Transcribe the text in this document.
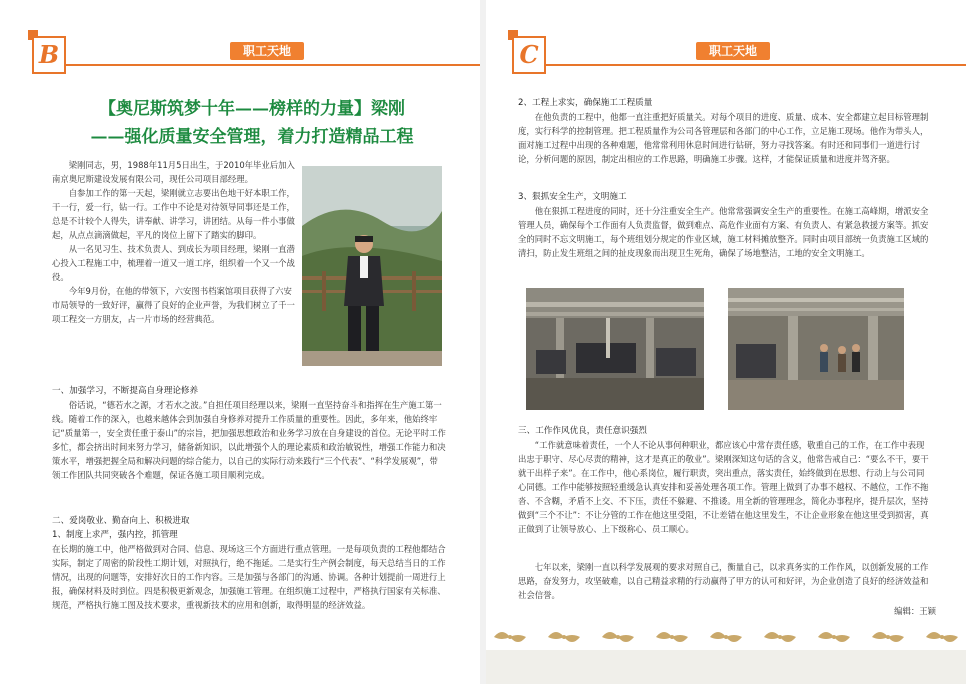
B	职工天地
【奥尼斯筑梦十年——榜样的力量】梁刚
——强化质量安全管理，着力打造精品工程

梁刚同志，男，1988年11月5日出生，于2010年毕业后加入南京奥尼斯建设发展有限公司，现任公司项目部经理。

自参加工作的第一天起，梁刚就立志要出色地干好本职工作，干一行，爱一行，钻一行。工作中不论是对待领导同事还是工作，总是不计较个人得失，讲奉献、讲学习，讲团结。从每一件小事做起，从点点滴滴做起，平凡的岗位上留下了踏实的脚印。

从一名见习生、技术负责人、到成长为项目经理，梁刚一直潜心投入工程施工中，梳理着一道又一道工序，组织着一个又一个战役。

今年9月份，在他的带领下，六安图书档案馆项目获得了六安市局领导的一致好评，赢得了良好的企业声誉，为我们树立了千一项工程交一方朋友，占一片市场的经营典范。

一、加强学习，不断提高自身理论修养

俗话说，“德若水之源，才若水之波。”自担任项目经理以来，梁刚一直坚持奋斗和指挥在生产施工第一线。随着工作的深入，也越来越体会到加强自身修养对提升工作质量的重要性。因此，多年来，他始终牢记“质量第一，安全责任重于泰山”的宗旨，把加强思想政治和业务学习放在自身建设的首位。无论平时工作多忙，都会挤出时间来努力学习，储备新知识，以此增强个人的理论素质和政治敏锐性，增强工作能力和决策水平，增强把握全局和解决问题的综合能力，以自己的实际行动来践行“三个代表”、“科学发展观”，带领工作团队共同突破各个难题，保证各施工项目顺利完成。

二、爱岗敬业、勤奋向上、积极进取

1、制度上求严，强内控，抓管理

在长期的施工中，他严格做到对合同、信息、现场这三个方面进行重点管理。一是每项负责的工程他都结合实际，制定了周密的阶段性工期计划，对照执行，绝不拖延。二是实行生产例会制度，每天总结当日的工作情况，出现的问题等，安排好次日的工作内容。三是加强与各部门的沟通、协调。各种计划提前一周进行上报，确保材料及时到位。四是积极更新观念，加强施工管理。在组织施工过程中，严格执行国家有关标准、规范，严格执行施工图及技术要求，重视新技术的应用和创新，取得明显的经济效益。

C	职工天地

2、工程上求实，确保施工工程质量

在他负责的工程中，他都一直注重把好质量关。对每个项目的进度、质量、成本、安全都建立起目标管理制度，实行科学的控制管理。把工程质量作为公司各管理层和各部门的中心工作，立足施工现场。他作为带头人，面对施工过程中出现的各种难题，他常常利用休息时间进行钻研，努力寻找答案。有时还和同事们一道进行讨论，分析问题的原因，制定出相应的工作思路，明确施工步骤。这样，才能保证质量和进度并驾齐驱。

3、狠抓安全生产，文明施工

他在狠抓工程进度的同时，还十分注重安全生产。他常常强调安全生产的重要性。在施工高峰期，增派安全管理人员，确保每个工作面有人负责监督，做到难点、高危作业面有方案、有负责人、有紧急救援方案等。抓安全的同时不忘文明施工，每个班组划分规定的作业区域，施工材料摊放整齐。同时由项目部统一负责施工区域的清扫，防止发生班组之间的扯皮现象而出现卫生死角，确保了场地整洁，工地的安全文明施工。

三、工作作风优良，责任意识强烈

“工作就意味着责任，一个人不论从事何种职业，都应该心中常存责任感，敬重自己的工作，在工作中表现出忠于职守、尽心尽责的精神，这才是真正的敬业”。梁刚深知这句话的含义，他常告戒自己：“要么不干，要干就干出样子来”。在工作中，他心系岗位，履行职责，突出重点，落实责任，始终做到在思想、行动上与公司同心同德。工作中能够按照轻重缓急认真安排和妥善处理各项工作。管理上做到了办事不越权、不越位，工作不拖沓、不含糊，矛盾不上交、不下压，责任不躲避、不推诿。用全新的管理理念，简化办事程序，提升层次，坚持做到“三个不让”：不让分管的工作在他这里受阻，不让差错在他这里发生，不让企业形象在他这里受到损害，真正做到了让领导放心、上下级称心、员工顺心。

七年以来，梁刚一直以科学发展观的要求对照自己，衡量自己，以求真务实的工作作风，以创新发展的工作思路，奋发努力，攻坚破难，以自己精益求精的行动赢得了甲方的认可和好评，为企业创造了良好的经济效益和社会信誉。

编辑：王颖
